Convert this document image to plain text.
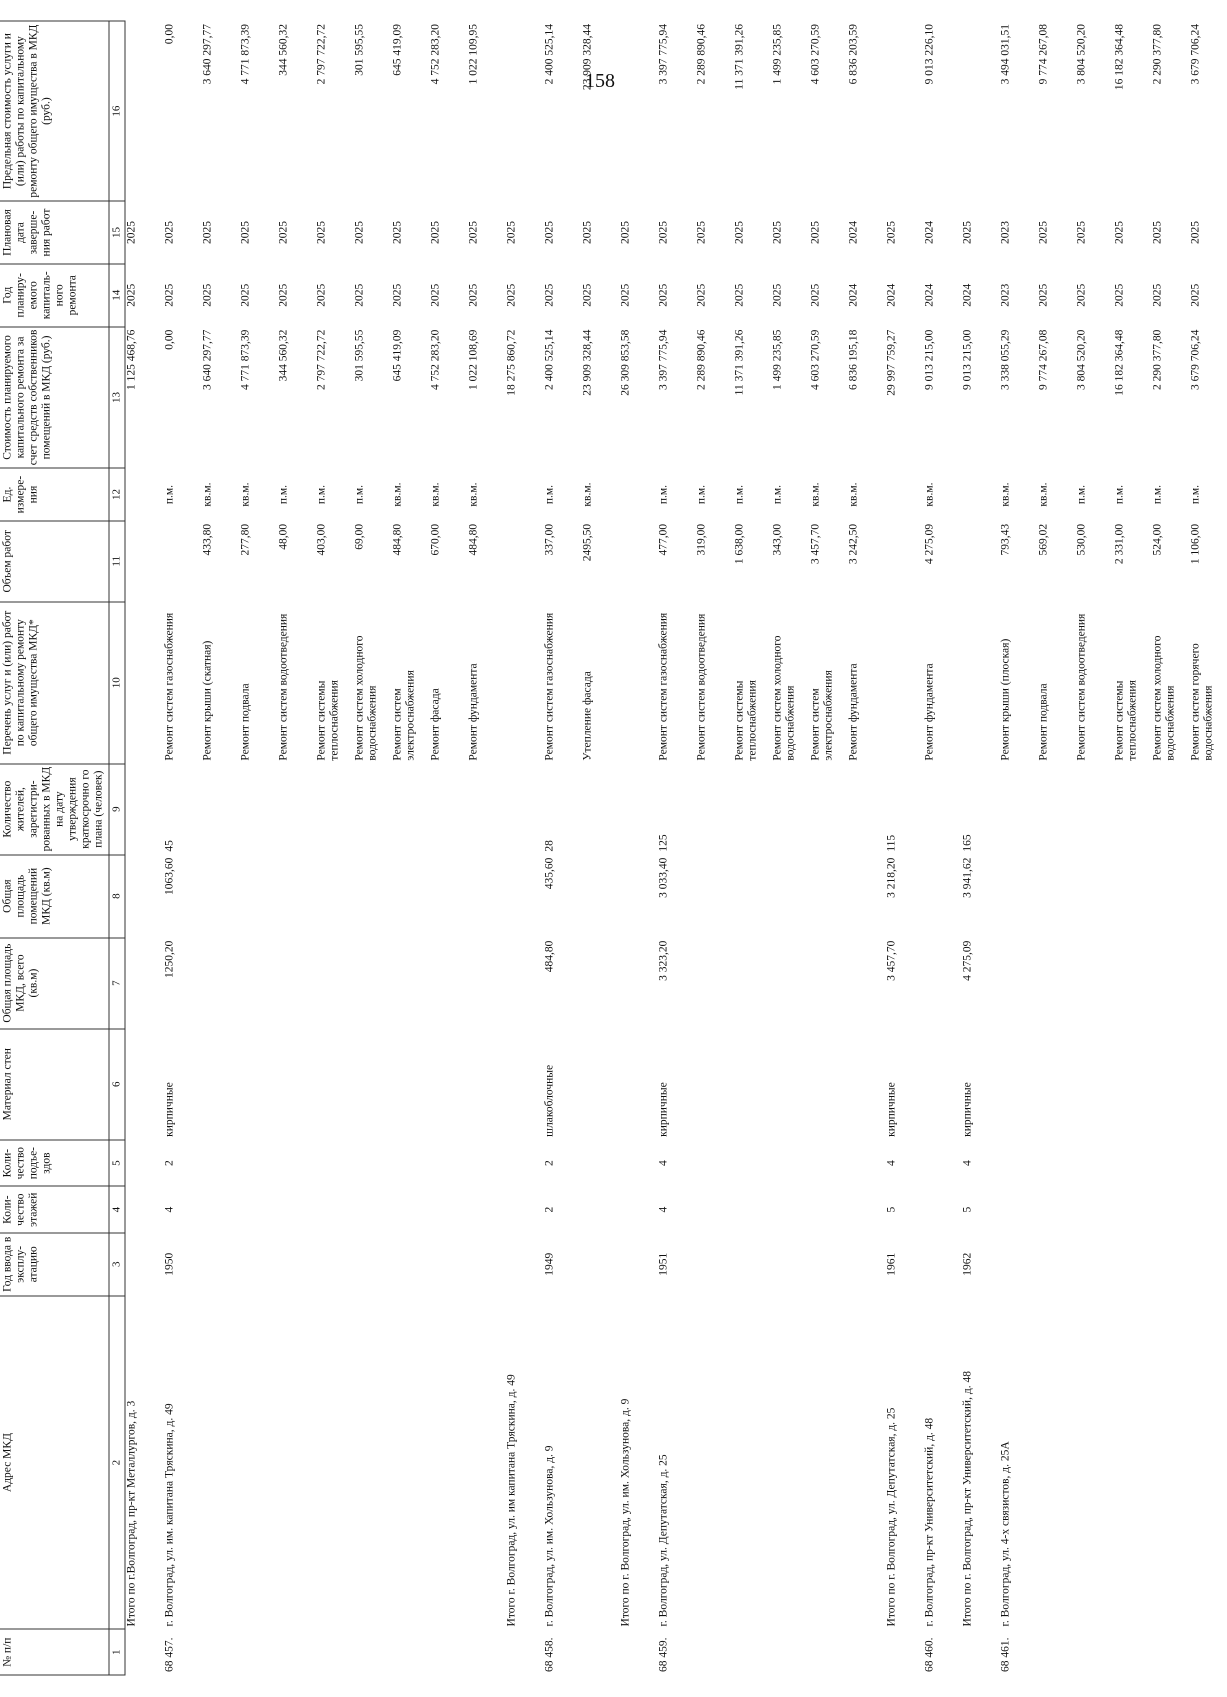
158
№ п/п	Адрес МКД	Год ввода в эксплу-атацию	Коли-чество этажей	Коли-чество подъе-здов	Материал стен	Общая площадь МКД, всего (кв.м)	Общая площадь помещений МКД (кв.м)	Количество жителей, зарегистри-рованных в МКД на дату утверждения краткосрочно го плана (человек)	Перечень услуг и (или) работ по капитальному ремонту общего имущества МКД*	Объем работ	Ед. измере-ния	Стоимость планируемого капитального ремонта за счет средств собственников помещений в МКД (руб.)	Год планиру-емого капиталь-ного ремонта	Плановая дата заверше-ния работ	Предельная стоимость услуги и (или) работы по капитальному ремонту общего имущества в МКД (руб.)
1	2	3	4	5	6	7	8	9	10	11	12	13	14	15	16
	Итого по г.Волгоград, пр-кт Металлургов, д. 3											1 125 468,76	2025	2025	
68 457.	г. Волгоград, ул. им. капитана Тряскина, д. 49	1950	4	2	кирпичные	1250,20	1063,60	45	Ремонт систем газоснабжения		п.м.	0,00	2025	2025	0,00
									Ремонт крыши (скатная)	433,80	кв.м.	3 640 297,77	2025	2025	3 640 297,77
									Ремонт подвала	277,80	кв.м.	4 771 873,39	2025	2025	4 771 873,39
									Ремонт систем водоотведения	48,00	п.м.	344 560,32	2025	2025	344 560,32
									Ремонт системы теплоснабжения	403,00	п.м.	2 797 722,72	2025	2025	2 797 722,72
									Ремонт систем холодного водоснабжения	69,00	п.м.	301 595,55	2025	2025	301 595,55
									Ремонт систем электроснабжения	484,80	кв.м.	645 419,09	2025	2025	645 419,09
									Ремонт фасада	670,00	кв.м.	4 752 283,20	2025	2025	4 752 283,20
									Ремонт фундамента	484,80	кв.м.	1 022 108,69	2025	2025	1 022 109,95
	Итого г. Волгоград, ул. им капитана Тряскина, д. 49											18 275 860,72	2025	2025	
68 458.	г. Волгоград, ул. им. Хользунова, д. 9	1949	2	2	шлакоблочные	484,80	435,60	28	Ремонт систем газоснабжения	337,00	п.м.	2 400 525,14	2025	2025	2 400 525,14
									Утепление фасада	2495,50	кв.м.	23 909 328,44	2025	2025	23 909 328,44
	Итого по г. Волгоград, ул. им. Хользунова, д. 9											26 309 853,58	2025	2025	
68 459.	г. Волгоград, ул. Депутатская, д. 25	1951	4	4	кирпичные	3 323,20	3 033,40	125	Ремонт систем газоснабжения	477,00	п.м.	3 397 775,94	2025	2025	3 397 775,94
									Ремонт систем водоотведения	319,00	п.м.	2 289 890,46	2025	2025	2 289 890,46
									Ремонт системы теплоснабжения	1 638,00	п.м.	11 371 391,26	2025	2025	11 371 391,26
									Ремонт систем холодного водоснабжения	343,00	п.м.	1 499 235,85	2025	2025	1 499 235,85
									Ремонт систем электроснабжения	3 457,70	кв.м.	4 603 270,59	2025	2025	4 603 270,59
									Ремонт фундамента	3 242,50	кв.м.	6 836 195,18	2024	2024	6 836 203,59
	Итого по г. Волгоград, ул. Депутатская, д. 25	1961	5	4	кирпичные	3 457,70	3 218,20	115				29 997 759,27	2024	2025	
68 460.	г. Волгоград, пр-кт Университетский, д. 48								Ремонт фундамента	4 275,09	кв.м.	9 013 215,00	2024	2024	9 013 226,10
	Итого по г. Волгоград, пр-кт Университетский, д. 48	1962	5	4	кирпичные	4 275,09	3 941,62	165				9 013 215,00	2024	2025	
68 461.	г. Волгоград, ул. 4-х связистов, д. 25А								Ремонт крыши (плоская)	793,43	кв.м.	3 338 055,29	2023	2023	3 494 031,51
									Ремонт подвала	569,02	кв.м.	9 774 267,08	2025	2025	9 774 267,08
									Ремонт систем водоотведения	530,00	п.м.	3 804 520,20	2025	2025	3 804 520,20
									Ремонт системы теплоснабжения	2 331,00	п.м.	16 182 364,48	2025	2025	16 182 364,48
									Ремонт систем холодного водоснабжения	524,00	п.м.	2 290 377,80	2025	2025	2 290 377,80
									Ремонт систем горячего водоснабжения	1 106,00	п.м.	3 679 706,24	2025	2025	3 679 706,24
